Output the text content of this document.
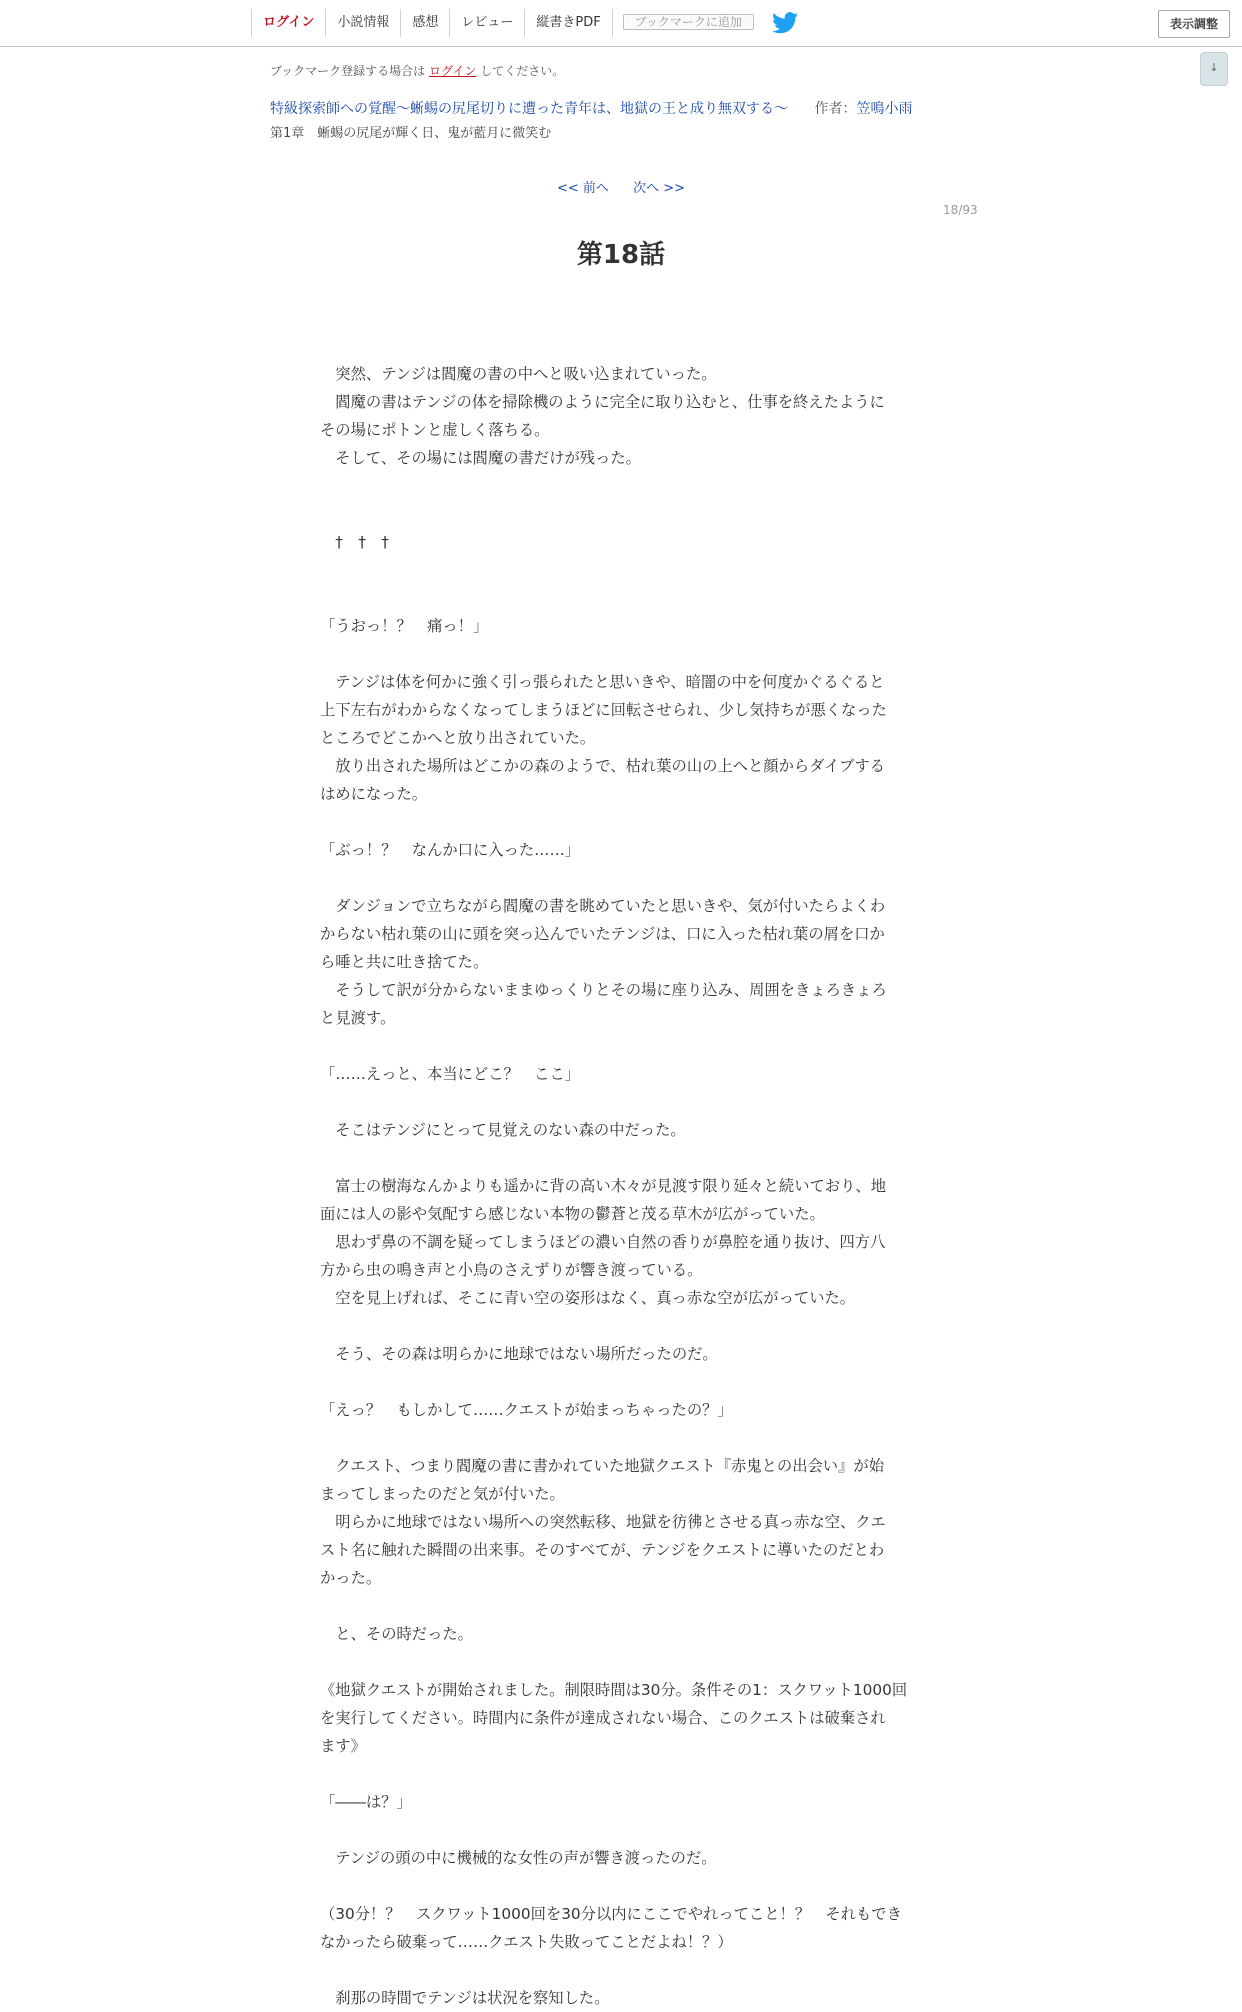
ログイン	小説情報	感想	レビュー	縦書きPDF	ブックマークに追加	表示調整
↓
ブックマーク登録する場合は ログイン してください。
特級探索師への覚醒～蜥蜴の尻尾切りに遭った青年は、地獄の王と成り無双する～ 作者：笠鳴小雨
第1章　蜥蜴の尻尾が輝く日、鬼が藍月に微笑む
<< 前へ 次へ >>
18/93
第18話
　突然、テンジは閻魔の書の中へと吸い込まれていった。
　閻魔の書はテンジの体を掃除機のように完全に取り込むと、仕事を終えたように
その場にポトンと虚しく落ちる。
　そして、その場には閻魔の書だけが残った。
　†　†　†
「うおっ！？　痛っ！」
　テンジは体を何かに強く引っ張られたと思いきや、暗闇の中を何度かぐるぐると
上下左右がわからなくなってしまうほどに回転させられ、少し気持ちが悪くなった
ところでどこかへと放り出されていた。
　放り出された場所はどこかの森のようで、枯れ葉の山の上へと顔からダイブする
はめになった。
「ぶっ！？　なんか口に入った……」
　ダンジョンで立ちながら閻魔の書を眺めていたと思いきや、気が付いたらよくわ
からない枯れ葉の山に頭を突っ込んでいたテンジは、口に入った枯れ葉の屑を口か
ら唾と共に吐き捨てた。
　そうして訳が分からないままゆっくりとその場に座り込み、周囲をきょろきょろ
と見渡す。
「……えっと、本当にどこ？　ここ」
　そこはテンジにとって見覚えのない森の中だった。
　富士の樹海なんかよりも遥かに背の高い木々が見渡す限り延々と続いており、地
面には人の影や気配すら感じない本物の鬱蒼と茂る草木が広がっていた。
　思わず鼻の不調を疑ってしまうほどの濃い自然の香りが鼻腔を通り抜け、四方八
方から虫の鳴き声と小鳥のさえずりが響き渡っている。
　空を見上げれば、そこに青い空の姿形はなく、真っ赤な空が広がっていた。
　そう、その森は明らかに地球ではない場所だったのだ。
「えっ？　もしかして……クエストが始まっちゃったの？」
　クエスト、つまり閻魔の書に書かれていた地獄クエスト『赤鬼との出会い』が始
まってしまったのだと気が付いた。
　明らかに地球ではない場所への突然転移、地獄を彷彿とさせる真っ赤な空、クエ
スト名に触れた瞬間の出来事。そのすべてが、テンジをクエストに導いたのだとわ
かった。
　と、その時だった。
《地獄クエストが開始されました。制限時間は30分。条件その1：スクワット1000回
を実行してください。時間内に条件が達成されない場合、このクエストは破棄され
ます》
「――は？」
　テンジの頭の中に機械的な女性の声が響き渡ったのだ。
（30分！？　スクワット1000回を30分以内にここでやれってこと！？　それもでき
なかったら破棄って……クエスト失敗ってことだよね！？）
　刹那の時間でテンジは状況を察知した。
